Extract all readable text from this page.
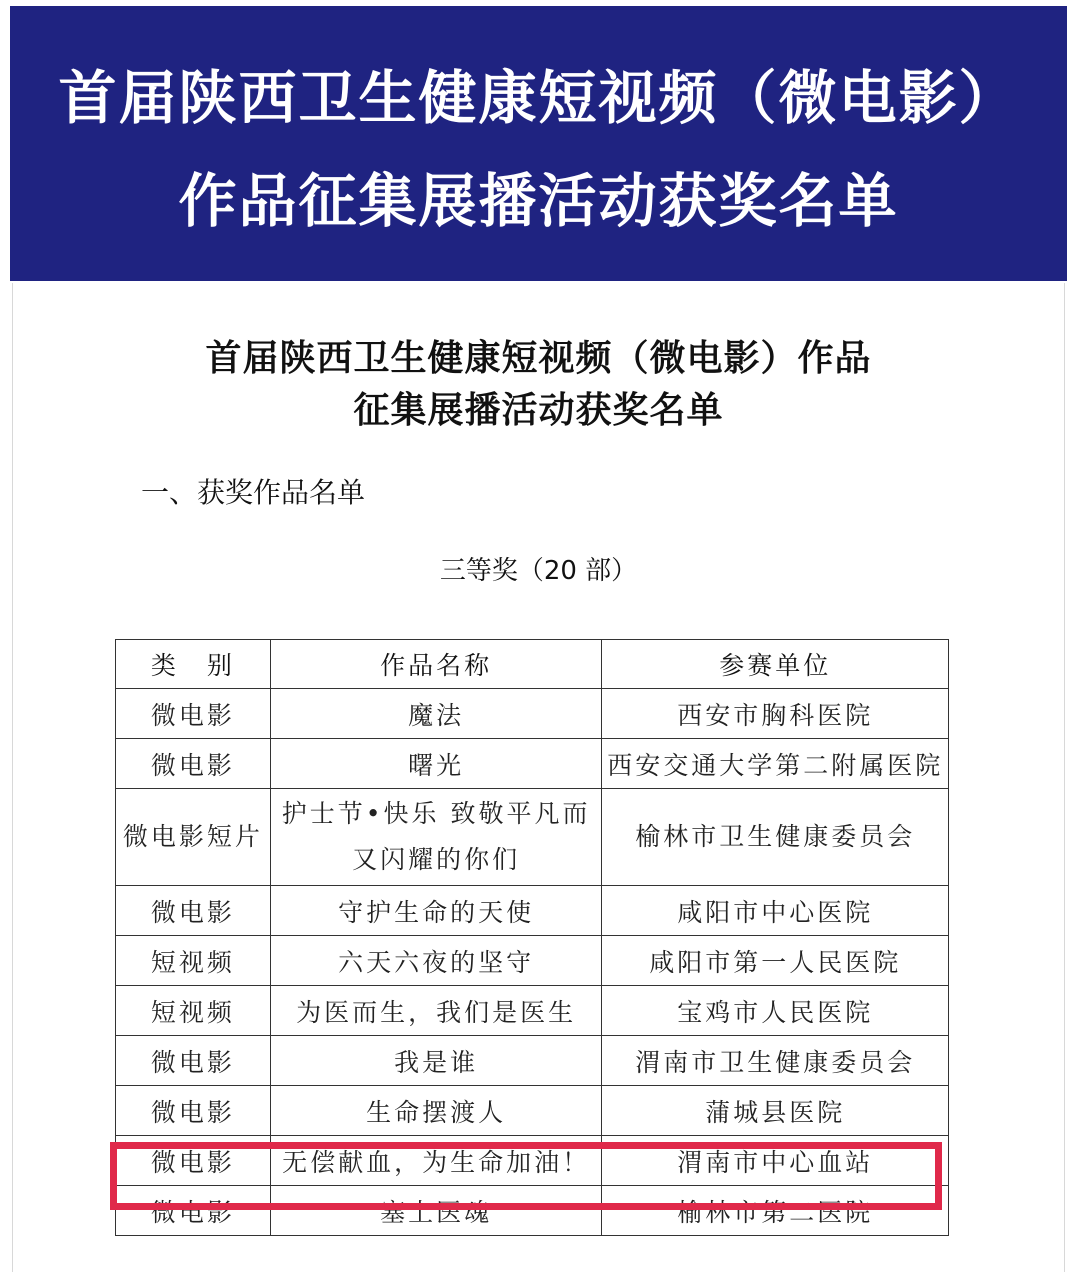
首届陕西卫生健康短视频（微电影）
作品征集展播活动获奖名单
首届陕西卫生健康短视频（微电影）作品
征集展播活动获奖名单
一、获奖作品名单
三等奖（20 部）
类　别	作品名称	参赛单位
微电影	魔法	西安市胸科医院
微电影	曙光	西安交通大学第二附属医院
微电影短片	护士节•快乐 致敬平凡而又闪耀的你们	榆林市卫生健康委员会
微电影	守护生命的天使	咸阳市中心医院
短视频	六天六夜的坚守	咸阳市第一人民医院
短视频	为医而生，我们是医生	宝鸡市人民医院
微电影	我是谁	渭南市卫生健康委员会
微电影	生命摆渡人	蒲城县医院
微电影	无偿献血，为生命加油！	渭南市中心血站
微电影	塞上医魂	榆林市第二医院
